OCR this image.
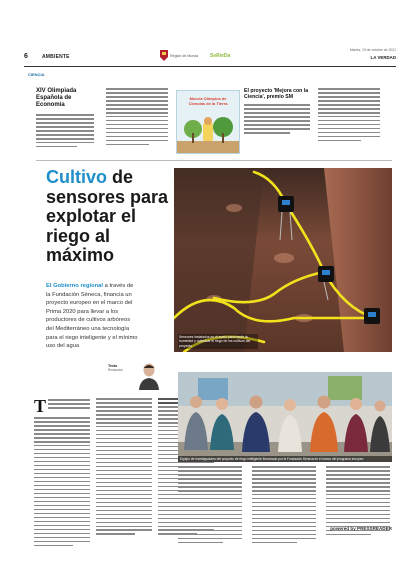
6	AMBIENTE	Región de Murcia SeRieDa
Martes, 19 de octubre de 2021
LA VERDAD
CIENCIA
XIV Olimpiada Española de Economía
Murcia Olímpica de Ciencias de la Tierra
El proyecto 'Mejora con la Ciencia', premio SM
Cultivo de sensores para explotar el riego al máximo
El Gobierno regional a través de la Fundación Séneca, financia un proyecto europeo en el marco del Prima 2020 para llevar a los productores de cultivos arbóreos del Mediterráneo una tecnología para el riego inteligente y el mínimo uso del agua
Texto
Redacción
Sensores instalados en el suelo para medir la humedad y optimizar el riego de los cultivos del proyecto
T
Equipo de investigadores del proyecto de riego inteligente financiado por la Fundación Séneca en el marco del programa europeo
powered by PRESSREADER
